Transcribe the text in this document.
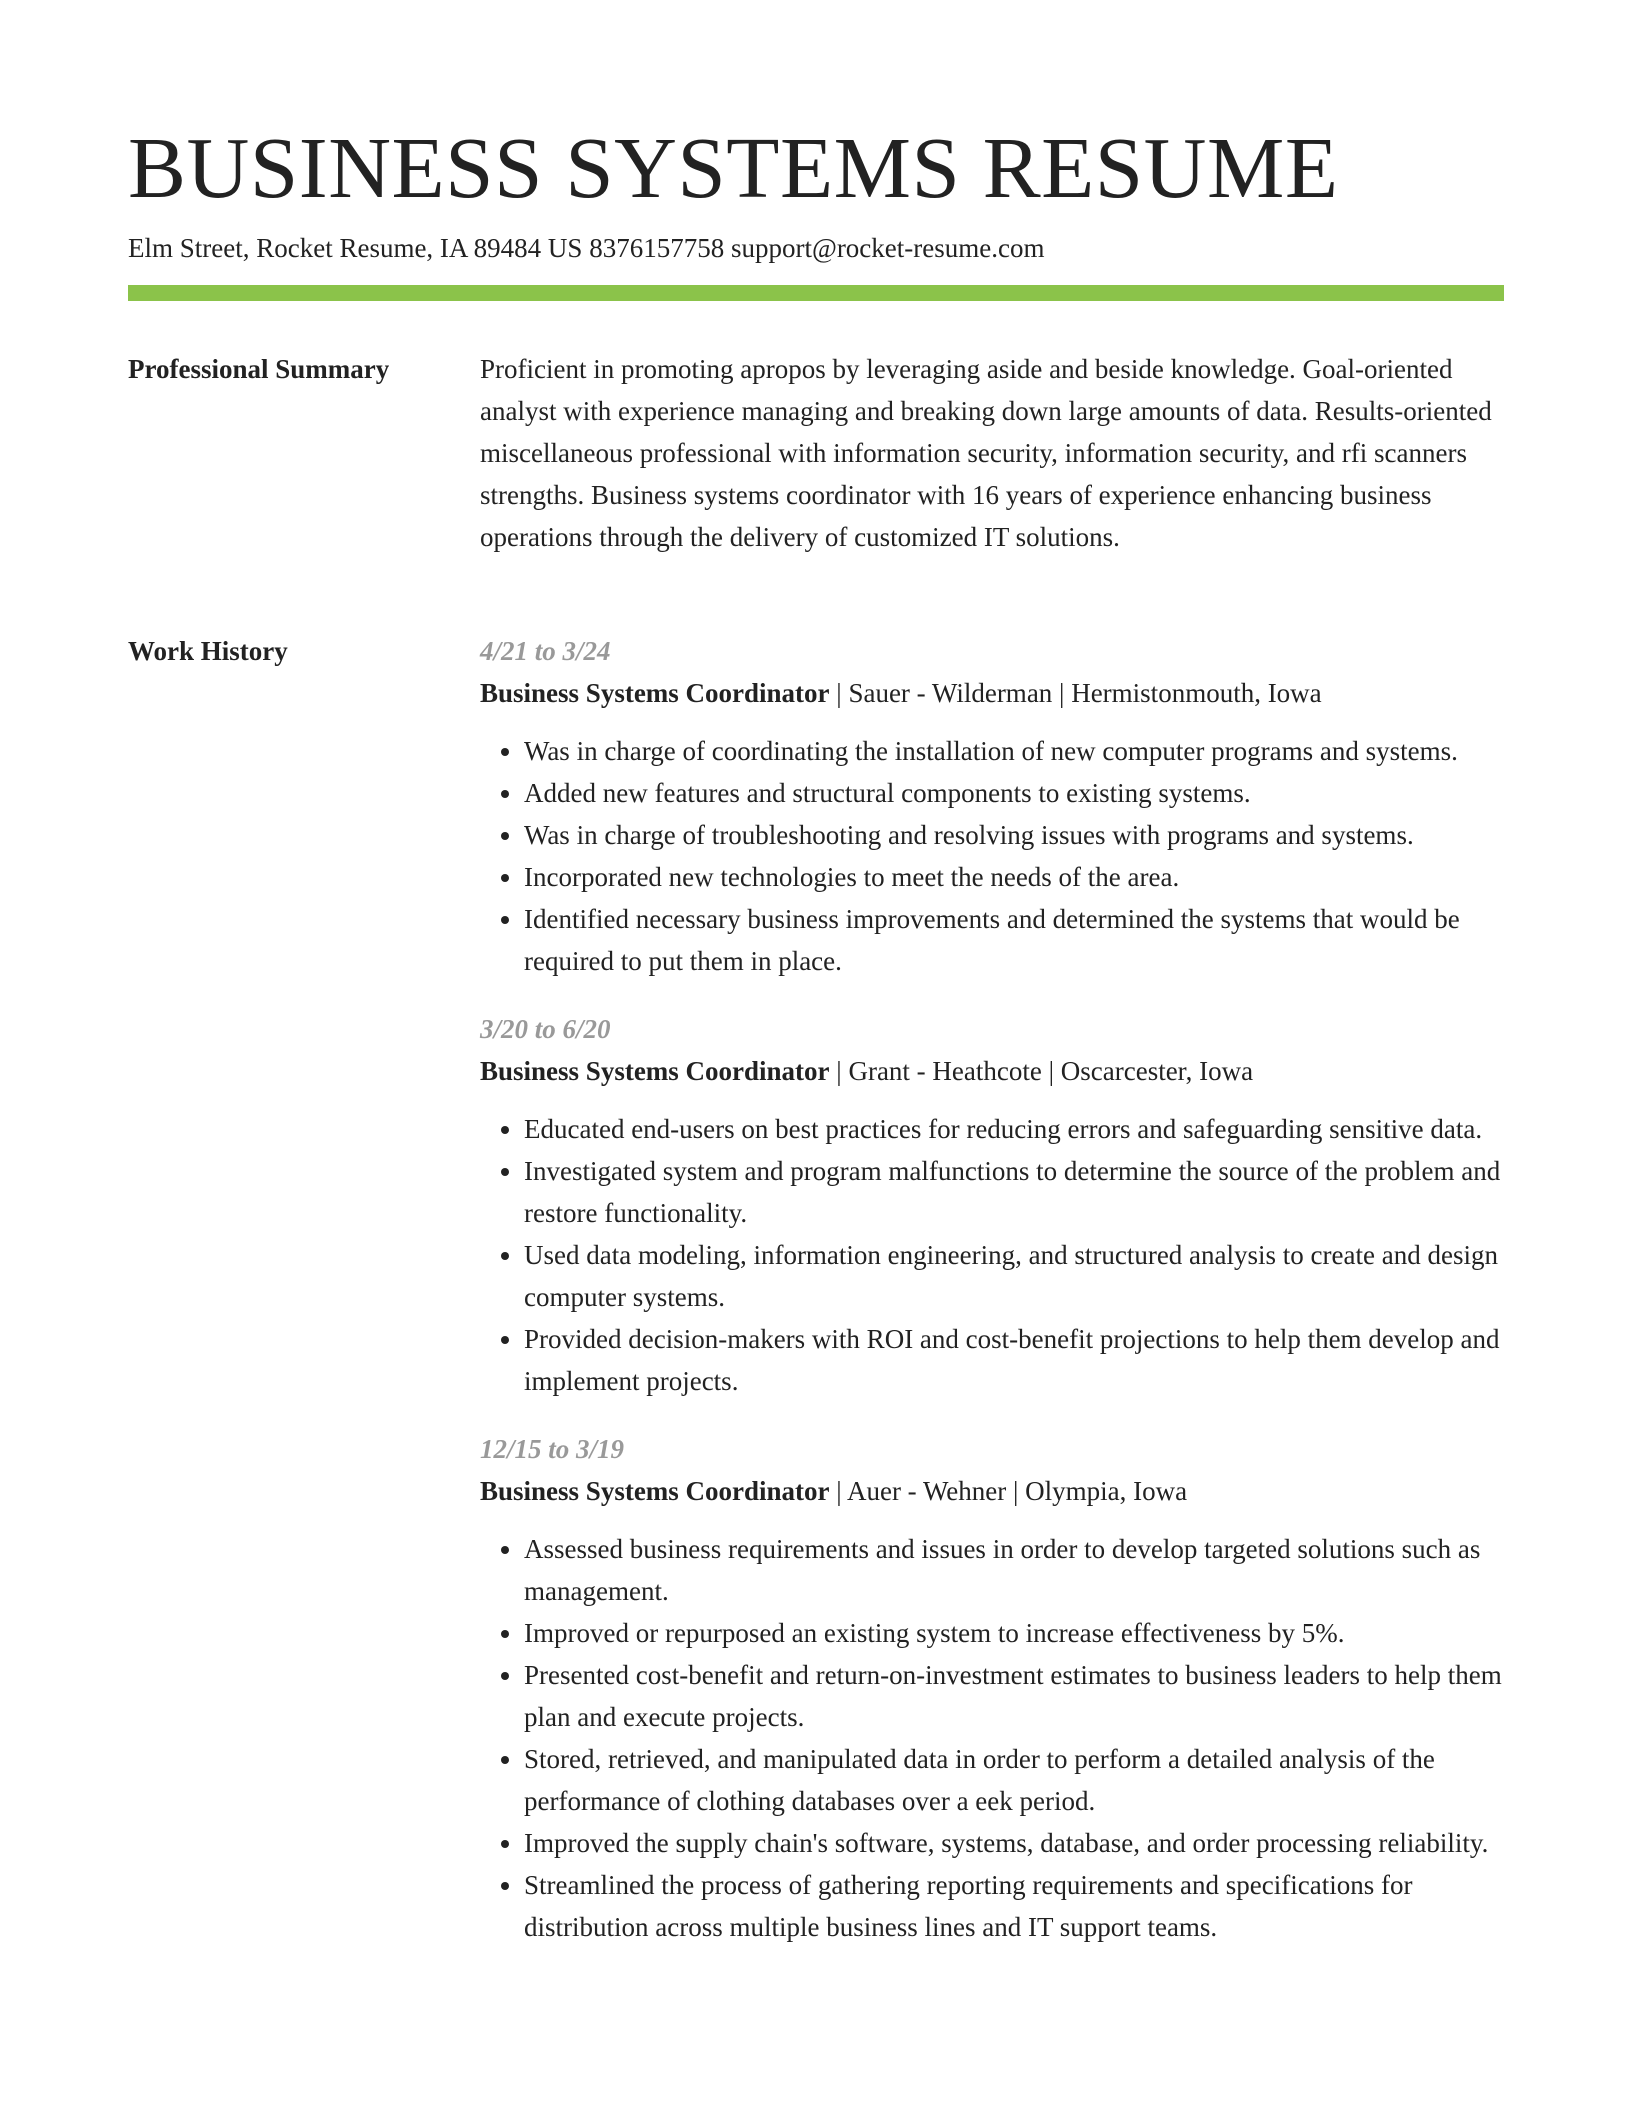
BUSINESS SYSTEMS RESUME
Elm Street, Rocket Resume, IA 89484 US 8376157758 support@rocket-resume.com
Professional Summary	Proficient in promoting apropos by leveraging aside and beside knowledge. Goal-oriented analyst with experience managing and breaking down large amounts of data. Results-oriented miscellaneous professional with information security, information security, and rfi scanners strengths. Business systems coordinator with 16 years of experience enhancing business operations through the delivery of customized IT solutions.

Work History	4/21 to 3/24
Business Systems Coordinator | Sauer - Wilderman | Hermistonmouth, Iowa
• Was in charge of coordinating the installation of new computer programs and systems.
• Added new features and structural components to existing systems.
• Was in charge of troubleshooting and resolving issues with programs and systems.
• Incorporated new technologies to meet the needs of the area.
• Identified necessary business improvements and determined the systems that would be required to put them in place.
3/20 to 6/20
Business Systems Coordinator | Grant - Heathcote | Oscarcester, Iowa
• Educated end-users on best practices for reducing errors and safeguarding sensitive data.
• Investigated system and program malfunctions to determine the source of the problem and restore functionality.
• Used data modeling, information engineering, and structured analysis to create and design computer systems.
• Provided decision-makers with ROI and cost-benefit projections to help them develop and implement projects.
12/15 to 3/19
Business Systems Coordinator | Auer - Wehner | Olympia, Iowa
• Assessed business requirements and issues in order to develop targeted solutions such as management.
• Improved or repurposed an existing system to increase effectiveness by 5%.
• Presented cost-benefit and return-on-investment estimates to business leaders to help them plan and execute projects.
• Stored, retrieved, and manipulated data in order to perform a detailed analysis of the performance of clothing databases over a eek period.
• Improved the supply chain's software, systems, database, and order processing reliability.
• Streamlined the process of gathering reporting requirements and specifications for distribution across multiple business lines and IT support teams.
